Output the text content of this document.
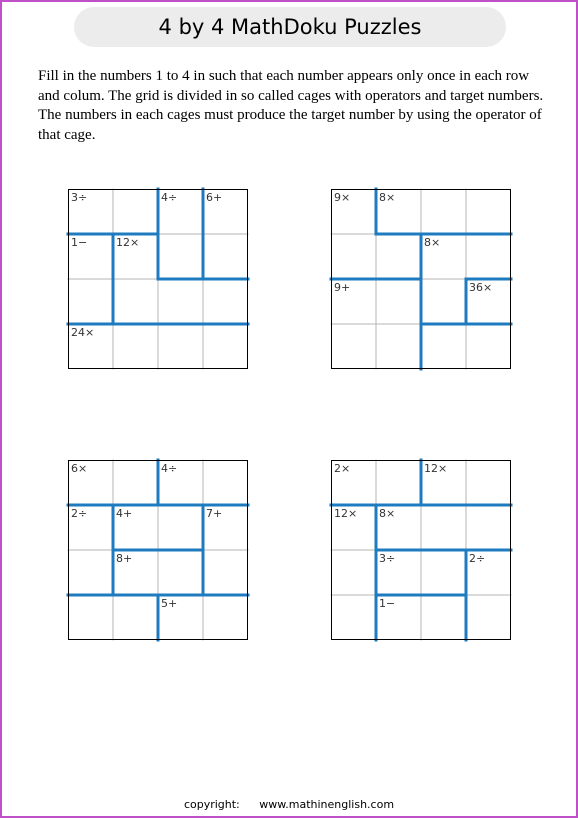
4 by 4 MathDoku Puzzles

Fill in the numbers 1 to 4 in such that each number appears only once in each row and colum. The grid is divided in so called cages with operators and target numbers. The numbers in each cages must produce the target number by using the operator of that cage.

3÷	4÷	6+
1−	12×
24×
9×	8×
8×
9+	36×
6×	4÷
2÷	4+	7+
8+
5+
2×	12×
12× 8×
3÷	2÷
1−
copyright: www.mathinenglish.com
